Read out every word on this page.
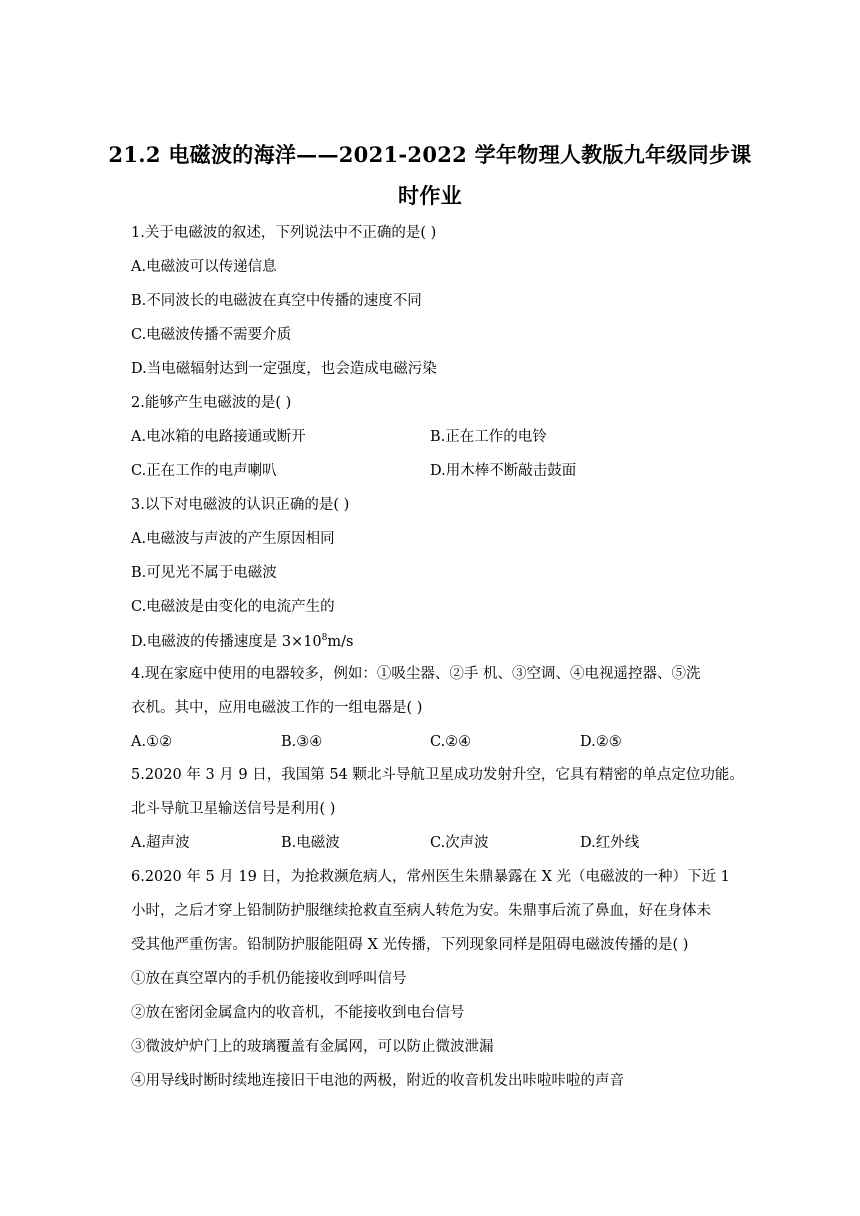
21.2 电磁波的海洋——2021-2022 学年物理人教版九年级同步课
时作业
1.关于电磁波的叙述，下列说法中不正确的是( )
A.电磁波可以传递信息
B.不同波长的电磁波在真空中传播的速度不同
C.电磁波传播不需要介质
D.当电磁辐射达到一定强度，也会造成电磁污染
2.能够产生电磁波的是( )
A.电冰箱的电路接通或断开	B.正在工作的电铃
C.正在工作的电声喇叭	D.用木棒不断敲击鼓面
3.以下对电磁波的认识正确的是( )
A.电磁波与声波的产生原因相同
B.可见光不属于电磁波
C.电磁波是由变化的电流产生的
D.电磁波的传播速度是 $3\times 10^8m/s$
4.现在家庭中使用的电器较多，例如：①吸尘器、②手 机、③空调、④电视遥控器、⑤洗
衣机。其中，应用电磁波工作的一组电器是( )
A.①②	B.③④	C.②④	D.②⑤
5.2020 年 3 月 9 日，我国第 54 颗北斗导航卫星成功发射升空，它具有精密的单点定位功能。
北斗导航卫星输送信号是利用( )
A.超声波	B.电磁波	C.次声波	D.红外线
6.2020 年 5 月 19 日，为抢救濒危病人，常州医生朱鼎暴露在 X 光（电磁波的一种）下近 1
小时，之后才穿上铅制防护服继续抢救直至病人转危为安。朱鼎事后流了鼻血，好在身体未
受其他严重伤害。铅制防护服能阻碍 X 光传播，下列现象同样是阻碍电磁波传播的是( )
①放在真空罩内的手机仍能接收到呼叫信号
②放在密闭金属盒内的收音机，不能接收到电台信号
③微波炉炉门上的玻璃覆盖有金属网，可以防止微波泄漏
④用导线时断时续地连接旧干电池的两极，附近的收音机发出咔啦咔啦的声音
